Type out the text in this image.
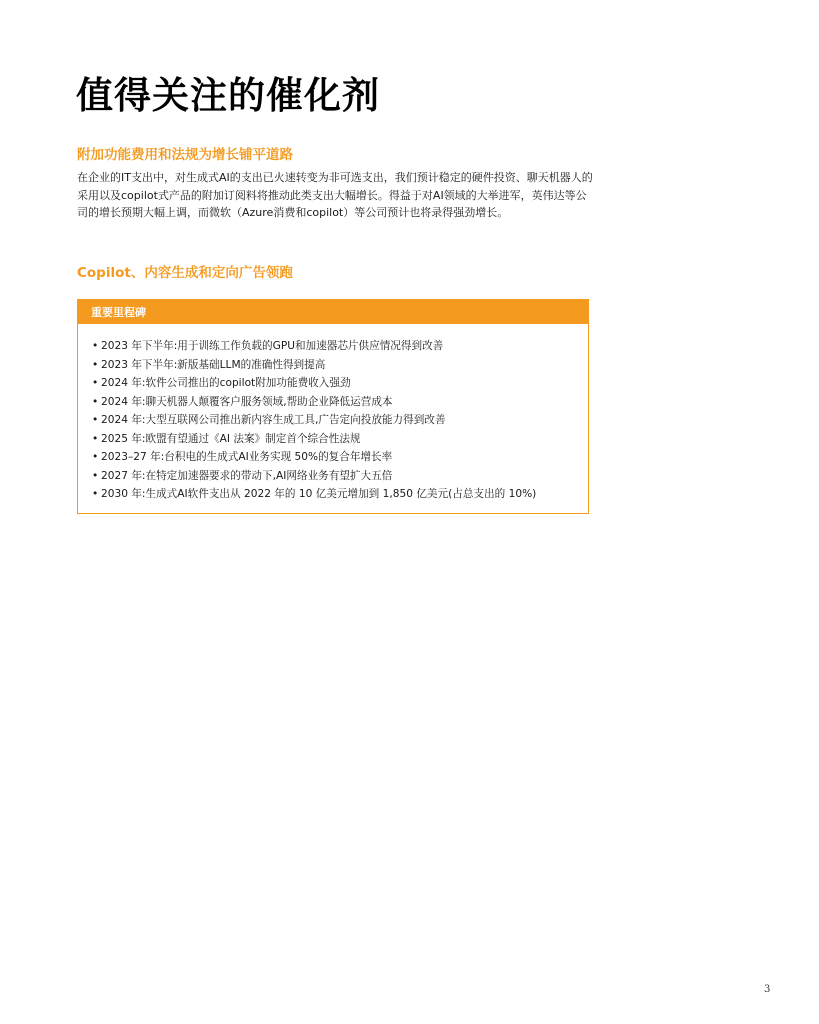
值得关注的催化剂
附加功能费用和法规为增长铺平道路

在企业的IT支出中，对生成式AI的支出已火速转变为非可选支出，我们预计稳定的硬件投资、聊天机器人的采用以及copilot式产品的附加订阅料将推动此类支出大幅增长。得益于对AI领域的大举进军，英伟达等公司的增长预期大幅上调，而微软（Azure消费和copilot）等公司预计也将录得强劲增长。

Copilot、内容生成和定向广告领跑
重要里程碑
• 2023 年下半年:用于训练工作负载的GPU和加速器芯片供应情况得到改善
• 2023 年下半年:新版基础LLM的准确性得到提高
• 2024 年:软件公司推出的copilot附加功能费收入强劲
• 2024 年:聊天机器人颠覆客户服务领域,帮助企业降低运营成本
• 2024 年:大型互联网公司推出新内容生成工具,广告定向投放能力得到改善
• 2025 年:欧盟有望通过《AI 法案》制定首个综合性法规
• 2023–27 年:台积电的生成式AI业务实现 50%的复合年增长率
• 2027 年:在特定加速器要求的带动下,AI网络业务有望扩大五倍
• 2030 年:生成式AI软件支出从 2022 年的 10 亿美元增加到 1,850 亿美元(占总支出的 10%)
3
